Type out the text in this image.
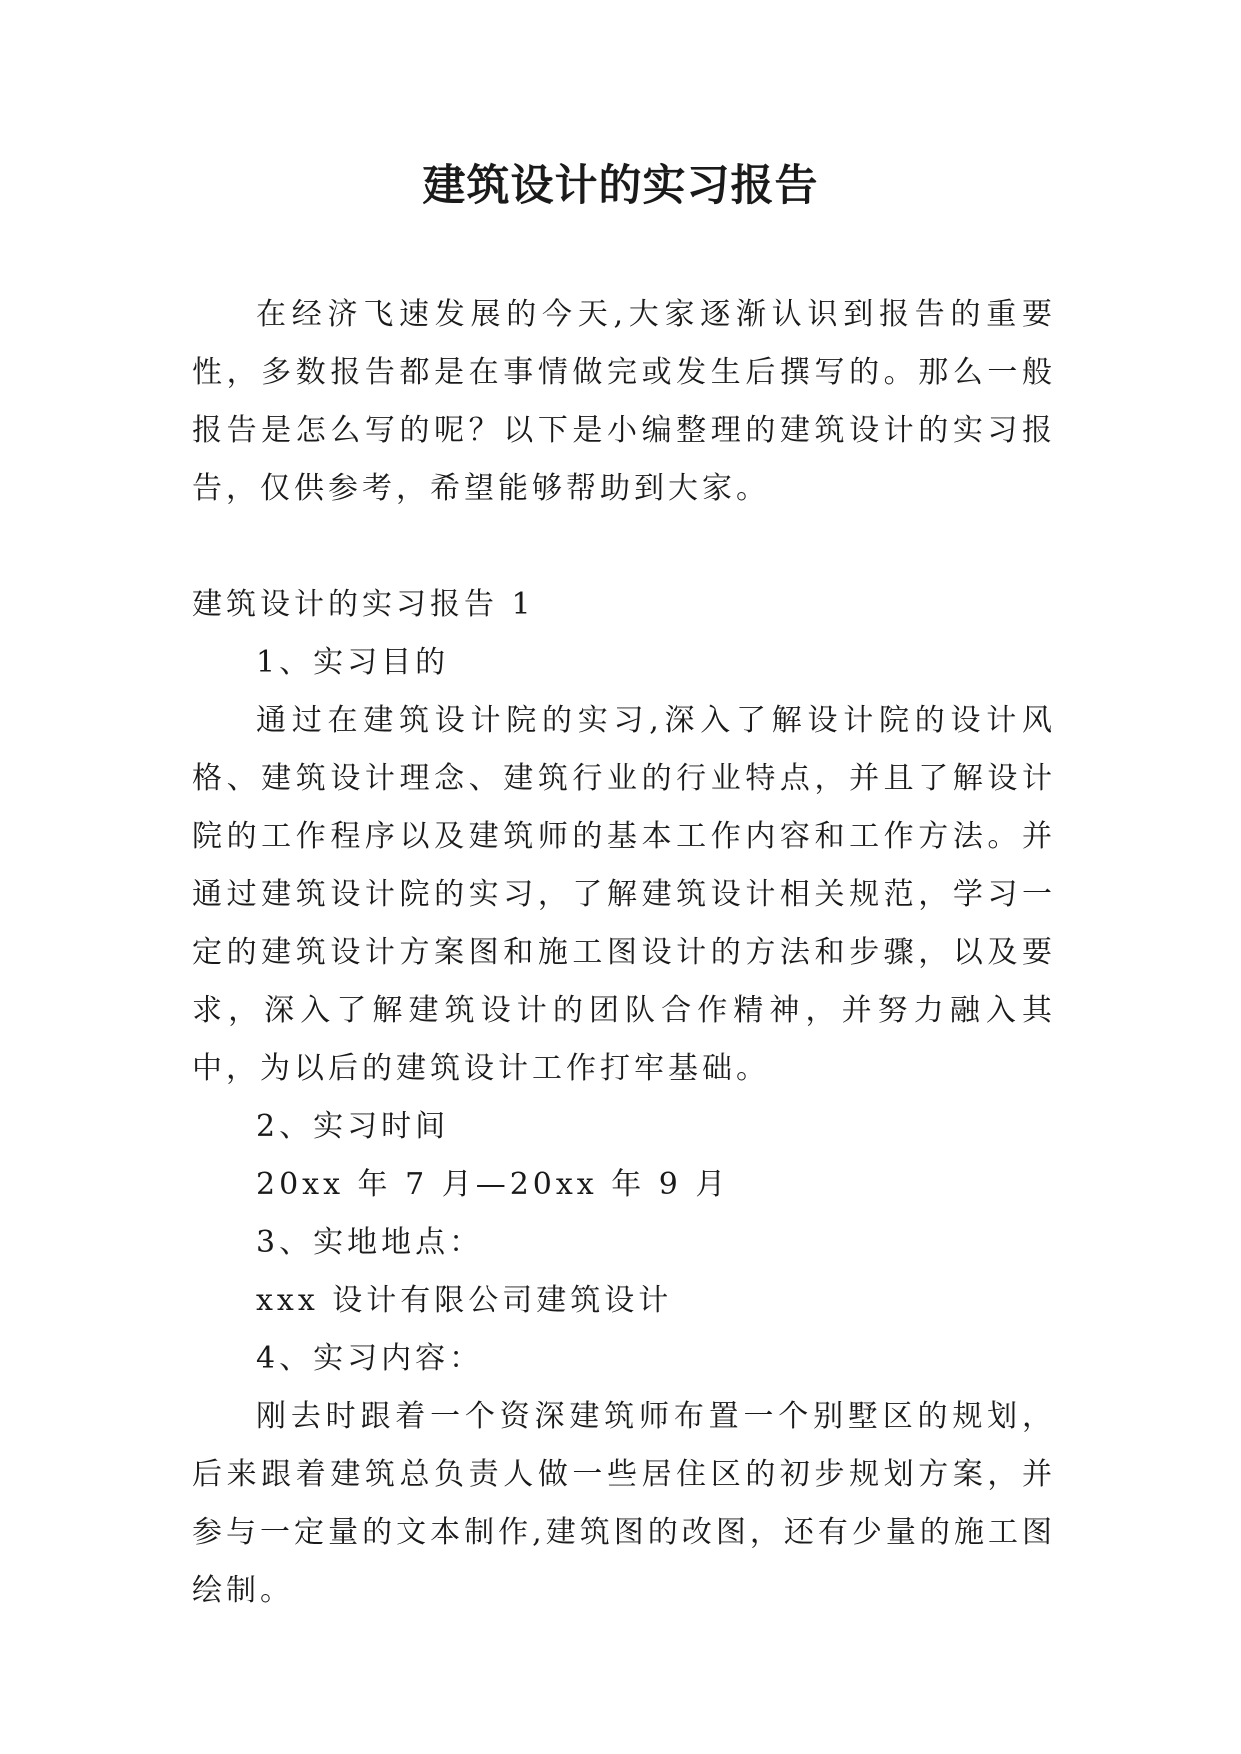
建筑设计的实习报告

在经济飞速发展的今天,大家逐渐认识到报告的重要性，多数报告都是在事情做完或发生后撰写的。那么一般报告是怎么写的呢？以下是小编整理的建筑设计的实习报告，仅供参考，希望能够帮助到大家。

建筑设计的实习报告 1

1、实习目的

通过在建筑设计院的实习,深入了解设计院的设计风格、建筑设计理念、建筑行业的行业特点，并且了解设计院的工作程序以及建筑师的基本工作内容和工作方法。并通过建筑设计院的实习，了解建筑设计相关规范，学习一定的建筑设计方案图和施工图设计的方法和步骤，以及要求，深入了解建筑设计的团队合作精神，并努力融入其中，为以后的建筑设计工作打牢基础。

2、实习时间

20xx 年 7 月—20xx 年 9 月

3、实地地点：

xxx 设计有限公司建筑设计

4、实习内容：

刚去时跟着一个资深建筑师布置一个别墅区的规划，后来跟着建筑总负责人做一些居住区的初步规划方案，并参与一定量的文本制作,建筑图的改图，还有少量的施工图绘制。
